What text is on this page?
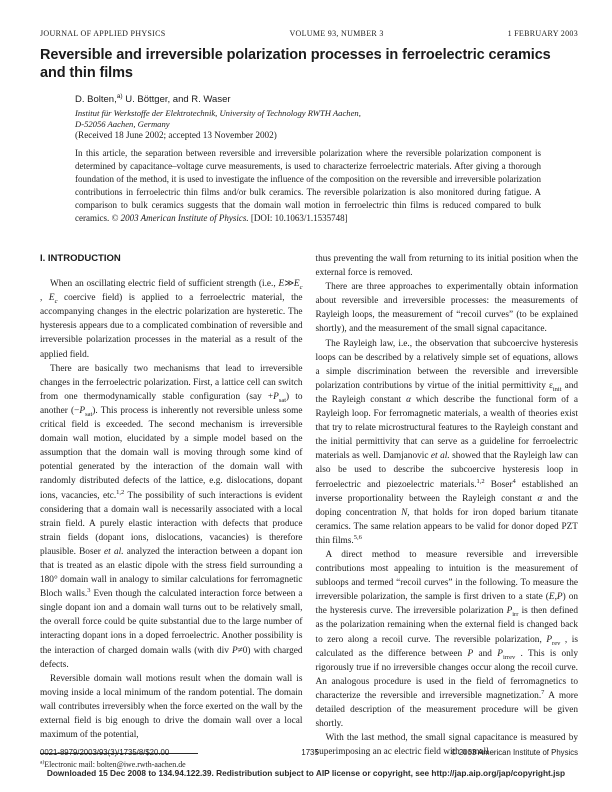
JOURNAL OF APPLIED PHYSICS	VOLUME 93, NUMBER 3	1 FEBRUARY 2003
Reversible and irreversible polarization processes in ferroelectric ceramics
and thin films
D. Bolten,$^{a)}$ U. Böttger, and R. Waser
Institut für Werkstoffe der Elektrotechnik, University of Technology RWTH Aachen,
D-52056 Aachen, Germany
(Received 18 June 2002; accepted 13 November 2002)
In this article, the separation between reversible and irreversible polarization where the reversible polarization component is determined by capacitance–voltage curve measurements, is used to characterize ferroelectric materials. After giving a thorough foundation of the method, it is used to investigate the influence of the composition on the reversible and irreversible polarization contributions in ferroelectric thin films and/or bulk ceramics. The reversible polarization is also monitored during fatigue. A comparison to bulk ceramics suggests that the domain wall motion in ferroelectric thin films is reduced compared to bulk ceramics. © 2003 American Institute of Physics. [DOI: 10.1063/1.1535748]
I. INTRODUCTION

When an oscillating electric field of sufficient strength (i.e., $E≫E_c$ , $E_c$ coercive field) is applied to a ferroelectric material, the accompanying changes in the electric polarization are hysteretic. The hysteresis appears due to a complicated combination of reversible and irreversible polarization processes in the material as a result of the applied field.

There are basically two mechanisms that lead to irreversible changes in the ferroelectric polarization. First, a lattice cell can switch from one thermodynamically stable configuration $(say +P_{sat})$ to another $(-P_{sat})$. This process is inherently not reversible unless some critical field is exceeded. The second mechanism is irreversible domain wall motion, elucidated by a simple model based on the assumption that the domain wall is moving through some kind of potential generated by the interaction of the domain wall with randomly distributed defects of the lattice, e.g. dislocations, dopant ions, vacancies, etc.$^{1,2}$ The possibility of such interactions is evident considering that a domain wall is necessarily associated with a local strain field. A purely elastic interaction with defects that produce strain fields (dopant ions, dislocations, vacancies) is therefore plausible. Boser et al. analyzed the interaction between a dopant ion that is treated as an elastic dipole with the stress field surrounding a 180° domain wall in analogy to similar calculations for ferromagnetic Bloch walls.$^3$ Even though the calculated interaction force between a single dopant ion and a domain wall turns out to be relatively small, the overall force could be quite substantial due to the large number of interacting dopant ions in a doped ferroelectric. Another possibility is the interaction of charged domain walls (with div P≠0) with charged defects.

Reversible domain wall motions result when the domain wall is moving inside a local minimum of the random potential. The domain wall contributes irreversibly when the force exerted on the wall by the external field is big enough to drive the domain wall over a local maximum of the potential,

$^{a)}$Electronic mail: bolten@iwe.rwth-aachen.de

thus preventing the wall from returning to its initial position when the external force is removed.

There are three approaches to experimentally obtain information about reversible and irreversible processes: the measurements of Rayleigh loops, the measurement of “recoil curves” (to be explained shortly), and the measurement of the small signal capacitance.

The Rayleigh law, i.e., the observation that subcoercive hysteresis loops can be described by a relatively simple set of equations, allows a simple discrimination between the reversible and irreversible polarization contributions by virtue of the initial permittivity $\varepsilon_{init}$ and the Rayleigh constant α which describe the functional form of a Rayleigh loop. For ferromagnetic materials, a wealth of theories exist that try to relate microstructural features to the Rayleigh constant and the initial permittivity that can serve as a guideline for ferroelectric materials as well. Damjanovic et al. showed that the Rayleigh law can also be used to describe the subcoercive hysteresis loop in ferroelectric and piezoelectric materials.$^{1,2}$ Boser$^4$ established an inverse proportionality between the Rayleigh constant α and the doping concentration N, that holds for iron doped barium titanate ceramics. The same relation appears to be valid for donor doped PZT thin films.$^{5,6}$

A direct method to measure reversible and irreversible contributions most appealing to intuition is the measurement of subloops and termed “recoil curves” in the following. To measure the irreversible polarization, the sample is first driven to a state (E,P) on the hysteresis curve. The irreversible polarization $P_{irr}$ is then defined as the polarization remaining when the external field is changed back to zero along a recoil curve. The reversible polarization, $P_{rev}$ , is calculated as the difference between P and $P_{irrev}$ . This is only rigorously true if no irreversible changes occur along the recoil curve. An analogous procedure is used in the field of ferromagnetics to characterize the reversible and irreversible magnetization.$^7$ A more detailed description of the measurement procedure will be given shortly.

With the last method, the small signal capacitance is measured by superimposing an ac electric field with a small

0021-8979/2003/93(3)/1735/8/$20.00	1735	© 2003 American Institute of Physics
Downloaded 15 Dec 2008 to 134.94.122.39. Redistribution subject to AIP license or copyright, see http://jap.aip.org/jap/copyright.jsp
